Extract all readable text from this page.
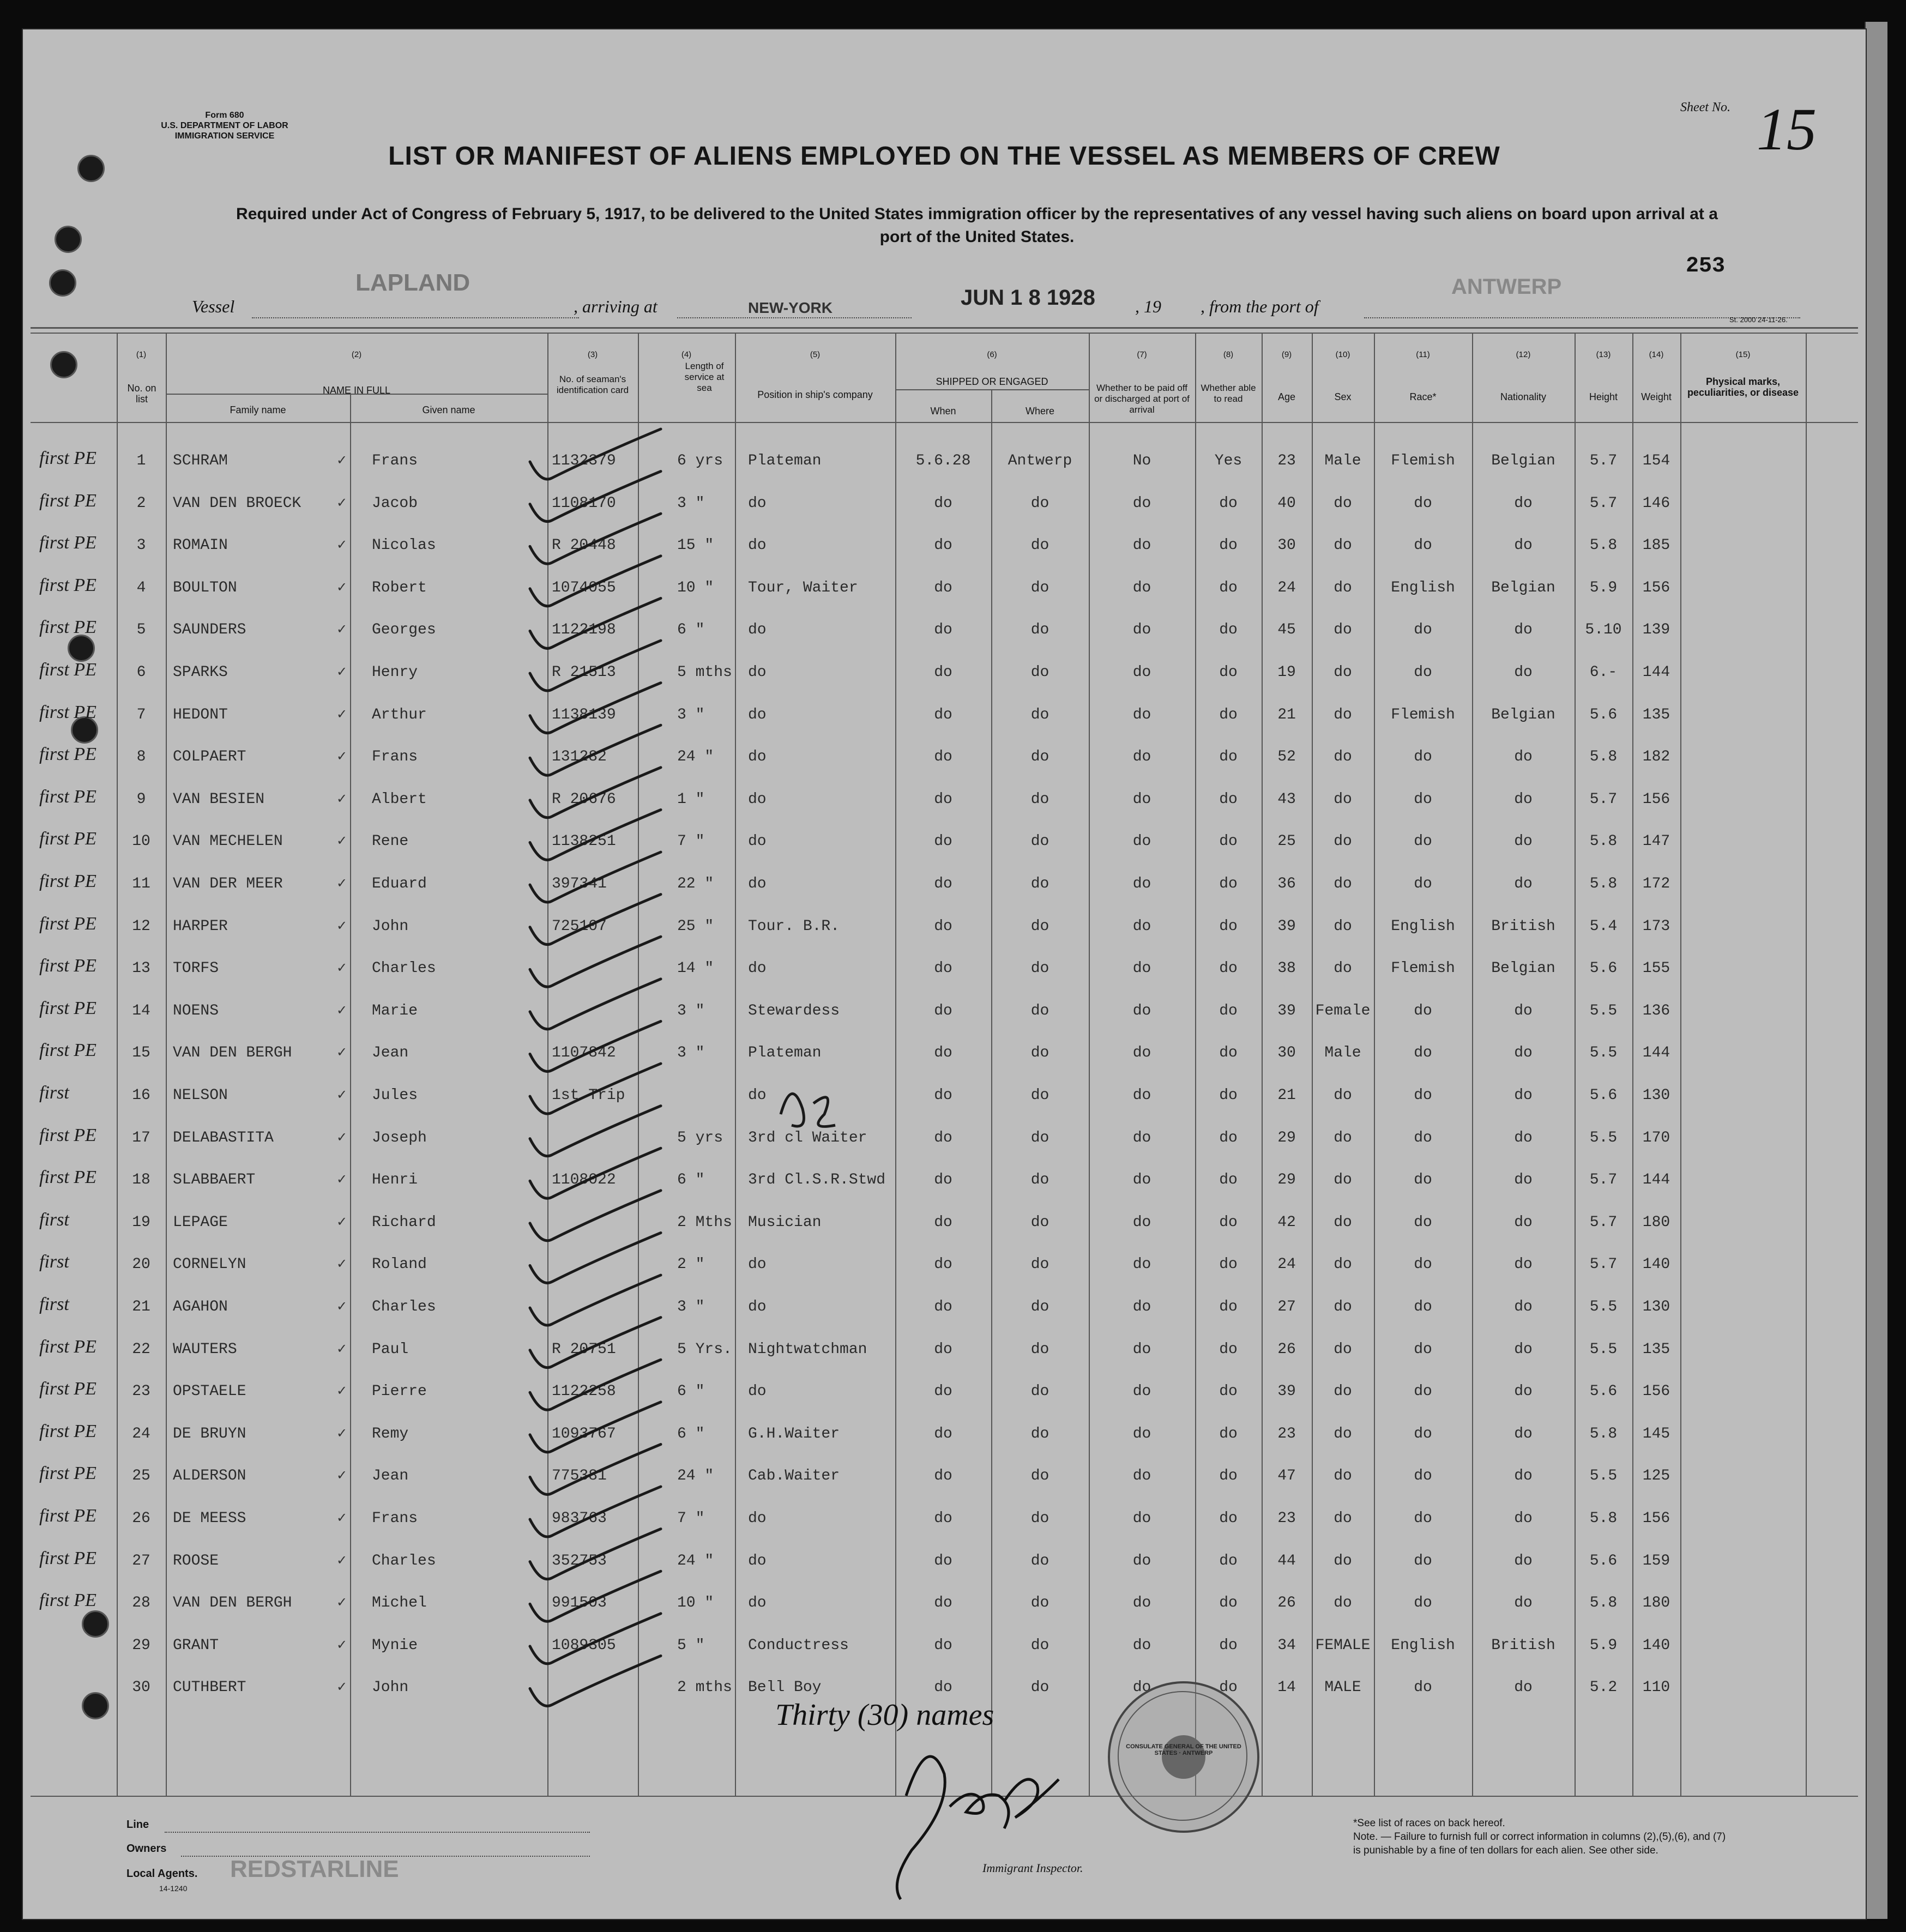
Form 680
U.S. DEPARTMENT OF LABOR
IMMIGRATION SERVICE
Sheet No. 15
LIST OR MANIFEST OF ALIENS EMPLOYED ON THE VESSEL AS MEMBERS OF CREW
Required under Act of Congress of February 5, 1917, to be delivered to the United States immigration officer by the representatives of any vessel having such aliens on board upon arrival at a
port of the United States.
253
Vessel
LAPLAND
, arriving at	NEW-YORK	JUN 1 8 1928 , 19 , from the port of
ANTWERP
St. 2000 24-11-26.
(1)	(2)	(3)	(4)	(5)	(6)	(7)	(8)	(9)	(10)	(11)	(12)	(13)	(14)	(15)
No. on list
NAME IN FULL
Family name	Given name
No. of seaman's identification card
Length of service at sea
Position in ship's company
SHIPPED OR ENGAGED
When	Where
Whether to be paid off or discharged at port of arrival
Whether able to read	Age	Sex	Race*	Nationality	Height	Weight
Physical marks, peculiarities, or disease
first PE	1	SCHRAM	Frans	1132379	6 yrs	Plateman	5.6.28	Antwerp	No	Yes	23	Male	Flemish	Belgian	5.7	154
✓
first PE	2	VAN DEN BROECK	Jacob	1108170	3 "	do	do	do	do	do	40	do	do	do	5.7	146
✓
first PE	3	ROMAIN	Nicolas	R 20448	15 "	do	do	do	do	do	30	do	do	do	5.8	185
✓
first PE	4	BOULTON	Robert	1074055	10 "	Tour, Waiter	do	do	do	do	24	do	English	Belgian	5.9	156
✓
first PE	5	SAUNDERS	Georges	1122198	6 "	do	do	do	do	do	45	do	do	do	5.10	139
✓
first PE	6	SPARKS	Henry	R 21513	5 mths	do	do	do	do	do	19	do	do	do	6.-	144
✓
first PE	7	HEDONT	Arthur	1138139	3 "	do	do	do	do	do	21	do	Flemish	Belgian	5.6	135
✓
first PE	8	COLPAERT	Frans	131282	24 "	do	do	do	do	do	52	do	do	do	5.8	182
✓
first PE	9	VAN BESIEN	Albert	R 20676	1 "	do	do	do	do	do	43	do	do	do	5.7	156
✓
first PE	10	VAN MECHELEN	Rene	1138251	7 "	do	do	do	do	do	25	do	do	do	5.8	147
✓
first PE	11	VAN DER MEER	Eduard	397341	22 "	do	do	do	do	do	36	do	do	do	5.8	172
✓
first PE	12	HARPER	John	725107	25 "	Tour. B.R.	do	do	do	do	39	do	English	British	5.4	173
✓
first PE	13	TORFS	Charles	14 "	do	do	do	do	do	38	do	Flemish	Belgian	5.6	155
✓
first PE	14	NOENS	Marie	3 "	Stewardess	do	do	do	do	39	Female	do	do	5.5	136
✓
first PE	15	VAN DEN BERGH	Jean	1107842	3 "	Plateman	do	do	do	do	30	Male	do	do	5.5	144
✓
first	16	NELSON	Jules	1st Trip	do	do	do	do	do	21	do	do	do	5.6	130
✓
first PE	17	DELABASTITA	Joseph	5 yrs	3rd cl Waiter	do	do	do	do	29	do	do	do	5.5	170
✓
first PE	18	SLABBAERT	Henri	1108022	6 "	3rd Cl.S.R.Stwd	do	do	do	do	29	do	do	do	5.7	144
✓
first	19	LEPAGE	Richard	2 Mths	Musician	do	do	do	do	42	do	do	do	5.7	180
✓
first	20	CORNELYN	Roland	2 "	do	do	do	do	do	24	do	do	do	5.7	140
✓
first	21	AGAHON	Charles	3 "	do	do	do	do	do	27	do	do	do	5.5	130
✓
first PE	22	WAUTERS	Paul	R 20751	5 Yrs.	Nightwatchman	do	do	do	do	26	do	do	do	5.5	135
✓
first PE	23	OPSTAELE	Pierre	1122258	6 "	do	do	do	do	do	39	do	do	do	5.6	156
✓
first PE	24	DE BRUYN	Remy	1093767	6 "	G.H.Waiter	do	do	do	do	23	do	do	do	5.8	145
✓
first PE	25	ALDERSON	Jean	775381	24 "	Cab.Waiter	do	do	do	do	47	do	do	do	5.5	125
✓
first PE	26	DE MEESS	Frans	983763	7 "	do	do	do	do	do	23	do	do	do	5.8	156
✓
first PE	27	ROOSE	Charles	352753	24 "	do	do	do	do	do	44	do	do	do	5.6	159
✓
first PE	28	VAN DEN BERGH	Michel	991503	10 "	do	do	do	do	do	26	do	do	do	5.8	180
✓
29	GRANT	Mynie	1089305	5 "	Conductress	do	do	do	do	34	FEMALE	English	British	5.9	140
✓
30	CUTHBERT	John	2 mths	Bell Boy	do	do	do	do	14	MALE	do	do	5.2	110
✓
Thirty (30) names
CONSULATE GENERAL OF THE UNITED STATES · ANTWERP
Line
Owners
Local Agents. REDSTARLINE
14-1240
Immigrant Inspector.
*See list of races on back hereof.
Note. — Failure to furnish full or correct information in columns (2),(5),(6), and (7)
is punishable by a fine of ten dollars for each alien. See other side.
